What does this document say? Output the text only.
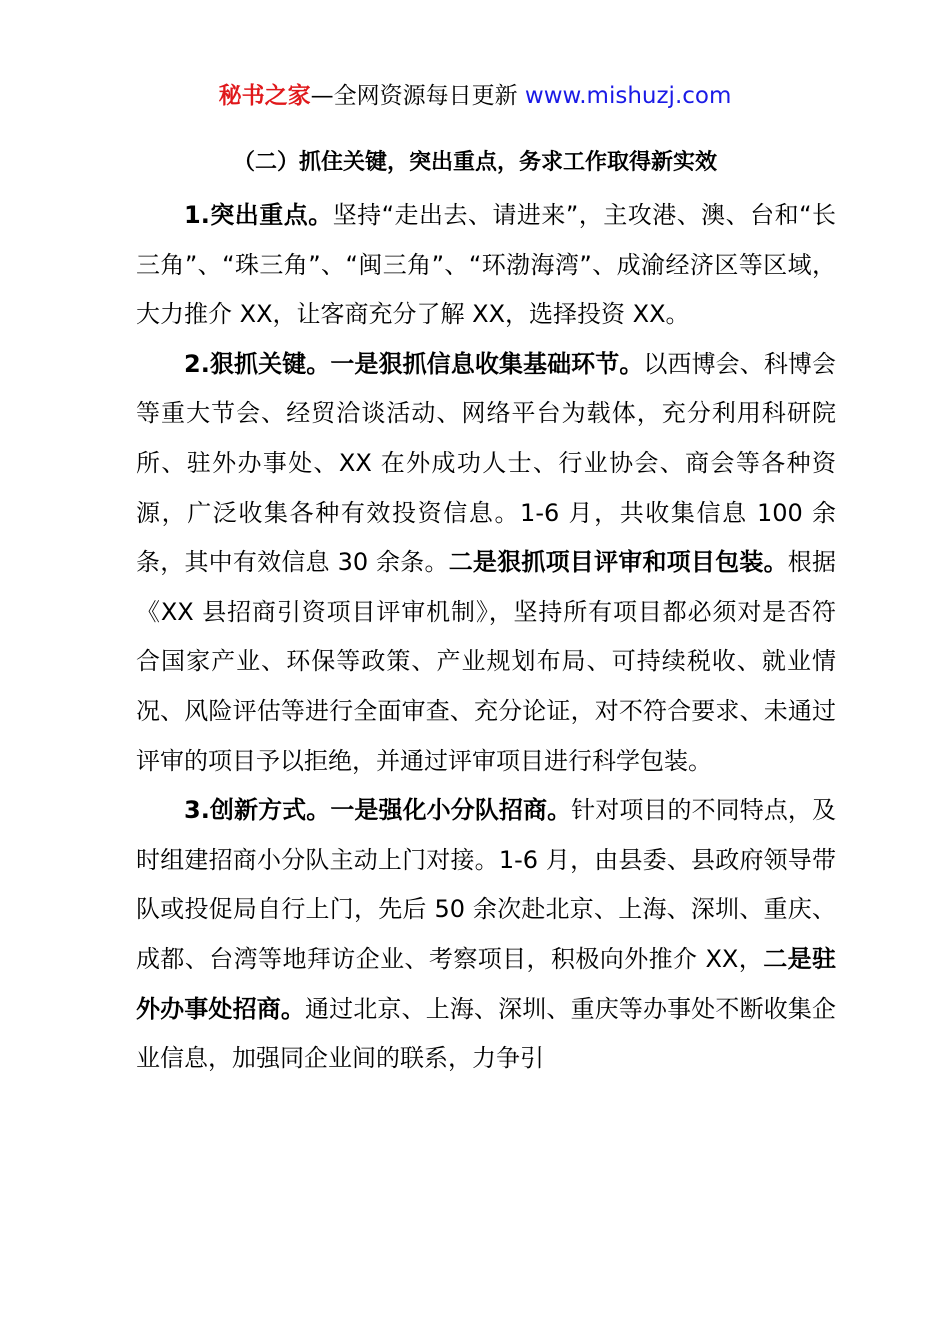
秘书之家—全网资源每日更新 www.mishuzj.com
（二）抓住关键，突出重点，务求工作取得新实效

1.突出重点。坚持“走出去、请进来”，主攻港、澳、台和“长三角”、“珠三角”、“闽三角”、“环渤海湾”、成渝经济区等区域，大力推介 XX，让客商充分了解 XX，选择投资 XX。

2.狠抓关键。一是狠抓信息收集基础环节。以西博会、科博会等重大节会、经贸洽谈活动、网络平台为载体，充分利用科研院所、驻外办事处、XX 在外成功人士、行业协会、商会等各种资源，广泛收集各种有效投资信息。1-6 月，共收集信息 100 余条，其中有效信息 30 余条。二是狠抓项目评审和项目包装。根据《XX 县招商引资项目评审机制》，坚持所有项目都必须对是否符合国家产业、环保等政策、产业规划布局、可持续税收、就业情况、风险评估等进行全面审查、充分论证，对不符合要求、未通过评审的项目予以拒绝，并通过评审项目进行科学包装。

3.创新方式。一是强化小分队招商。针对项目的不同特点，及时组建招商小分队主动上门对接。1-6 月，由县委、县政府领导带队或投促局自行上门，先后 50 余次赴北京、上海、深圳、重庆、成都、台湾等地拜访企业、考察项目，积极向外推介 XX，二是驻外办事处招商。通过北京、上海、深圳、重庆等办事处不断收集企业信息，加强同企业间的联系，力争引
